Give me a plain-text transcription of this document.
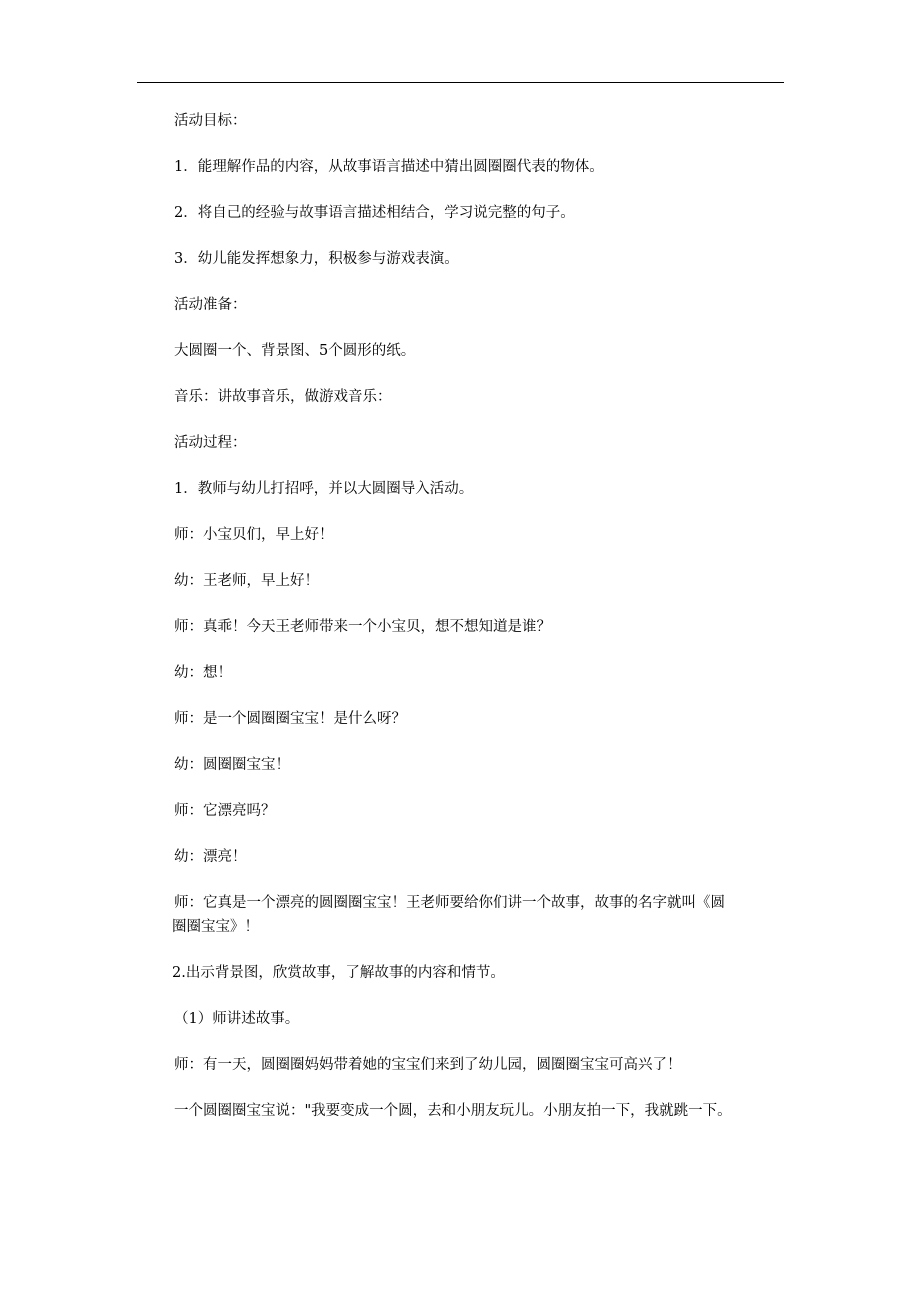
活动目标：

1．能理解作品的内容，从故事语言描述中猜出圆圈圈代表的物体。

2．将自己的经验与故事语言描述相结合，学习说完整的句子。

3．幼儿能发挥想象力，积极参与游戏表演。

活动准备：

大圆圈一个、背景图、5个圆形的纸。

音乐：讲故事音乐，做游戏音乐：

活动过程：

1．教师与幼儿打招呼，并以大圆圈导入活动。

师：小宝贝们，早上好！

幼：王老师，早上好！

师：真乖！今天王老师带来一个小宝贝，想不想知道是谁？

幼：想！

师：是一个圆圈圈宝宝！是什么呀？

幼：圆圈圈宝宝！

师：它漂亮吗？

幼：漂亮！

师：它真是一个漂亮的圆圈圈宝宝！王老师要给你们讲一个故事，故事的名字就叫《圆
圈圈宝宝》！

2.出示背景图，欣赏故事，了解故事的内容和情节。

（1）师讲述故事。

师：有一天，圆圈圈妈妈带着她的宝宝们来到了幼儿园，圆圈圈宝宝可高兴了！

一个圆圈圈宝宝说："我要变成一个圆，去和小朋友玩儿。小朋友拍一下，我就跳一下。
